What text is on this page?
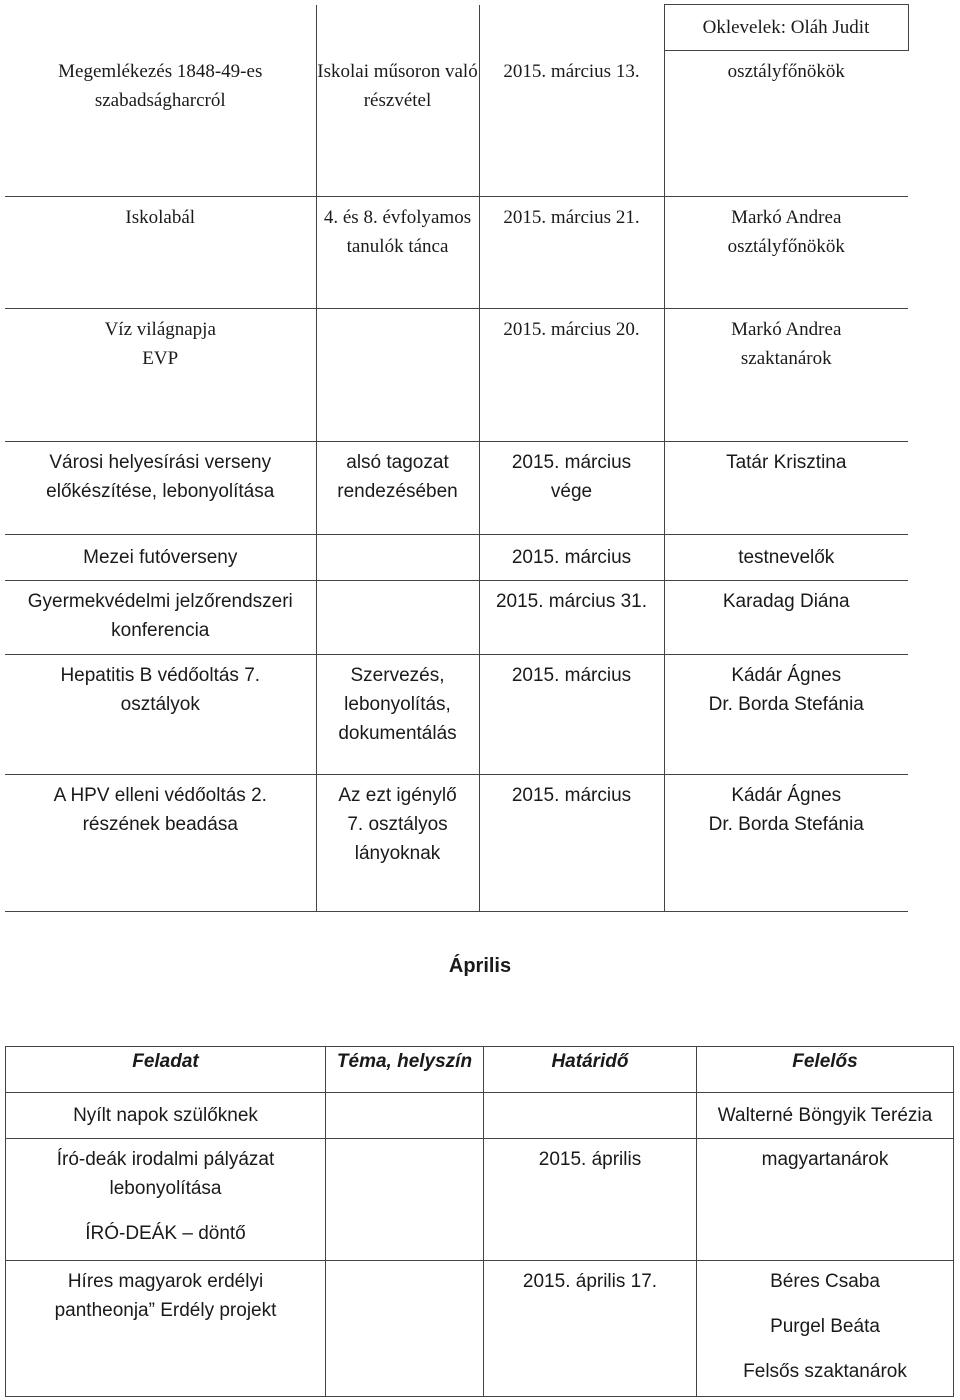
			Oklevelek: Oláh Judit
Megemlékezés 1848-49-es szabadságharcról	Iskolai műsoron való részvétel	2015. március 13.	osztályfőnökök
Iskolabál	4. és 8. évfolyamos tanulók tánca	2015. március 21.	Markó Andrea
osztályfőnökök

Víz világnapja
EVP		2015. március 20.	Markó Andrea
szaktanárok

Városi helyesírási verseny előkészítése, lebonyolítása	alsó tagozat rendezésében	2015. március vége	Tatár Krisztina
Mezei futóverseny		2015. március	testnevelők
Gyermekvédelmi jelzőrendszeri konferencia		2015. március 31.	Karadag Diána
Hepatitis B védőoltás 7. osztályok	Szervezés, lebonyolítás, dokumentálás	2015. március	Kádár Ágnes
Dr. Borda Stefánia

A HPV elleni védőoltás 2. részének beadása	Az ezt igénylő 7. osztályos lányoknak	2015. március	Kádár Ágnes
Dr. Borda Stefánia
Április
Feladat	Téma, helyszín	Határidő	Felelős
Nyílt napok szülőknek			Walterné Böngyik Terézia

Író-deák irodalmi pályázat lebonyolítása
ÍRÓ-DEÁK – döntő		2015. április	magyartanárok
Híres magyarok erdélyi pantheonja” Erdély projekt		2015. április 17.	Béres Csaba
Purgel Beáta
Felsős szaktanárok
